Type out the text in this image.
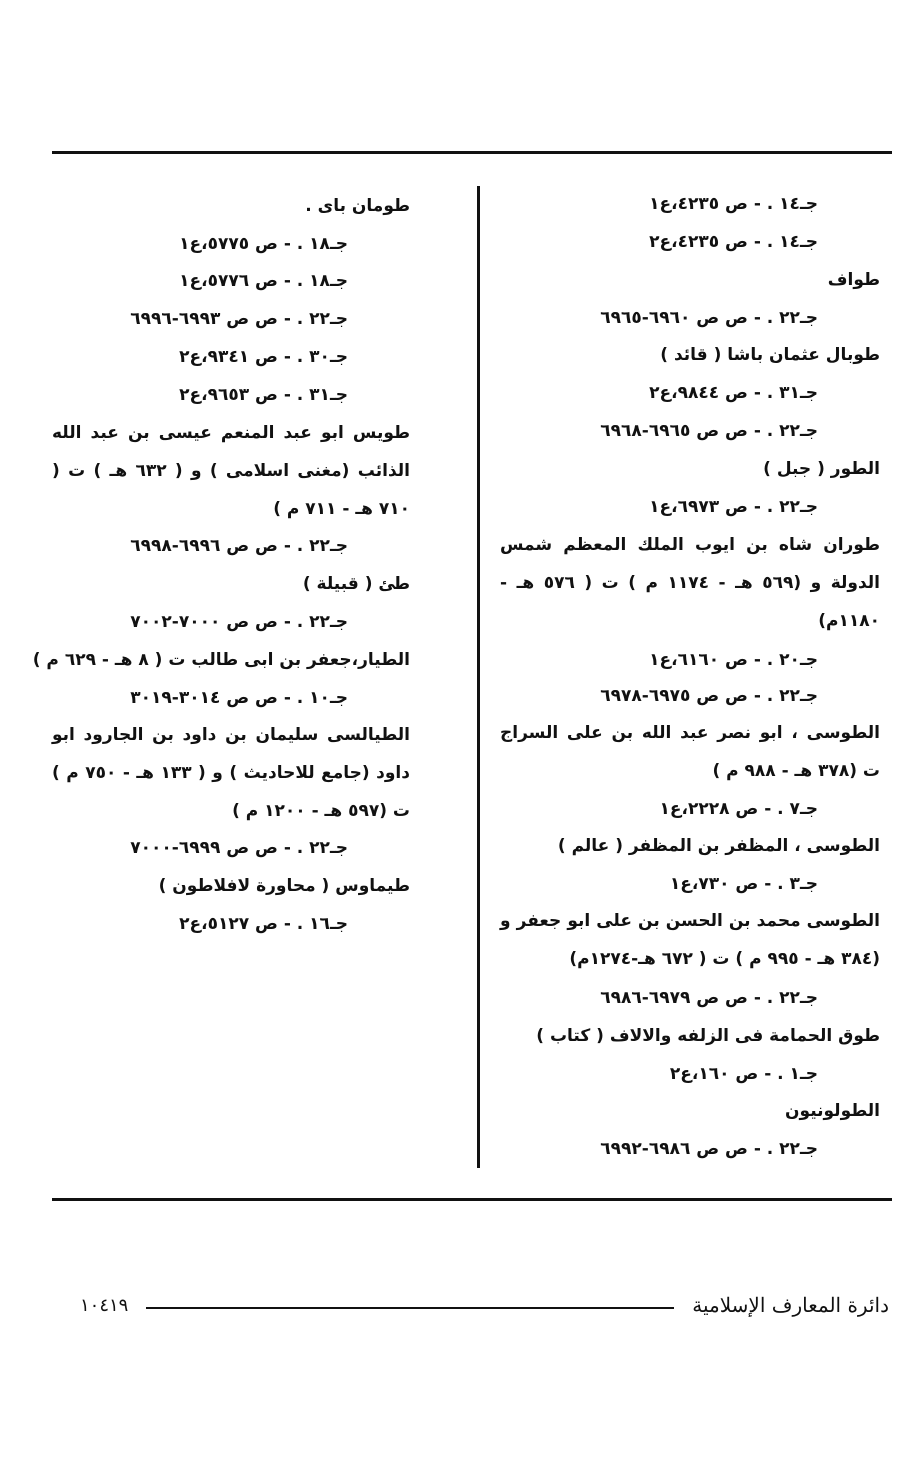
جـ١٤ . - ص ٤٢٣٥،ع١
جـ١٤ . - ص ٤٢٣٥،ع٢
طواف
جـ٢٢ . - ص ص ٦٩٦٠-٦٩٦٥
طوبال عثمان باشا ( قائد )
جـ٣١ . - ص ٩٨٤٤،ع٢
جـ٢٢ . - ص ص ٦٩٦٥-٦٩٦٨
الطور ( جبل )
جـ٢٢ . - ص ٦٩٧٣،ع١
طوران شاه بن ايوب الملك المعظم شمس الدولة و (٥٦٩ هـ - ١١٧٤ م ) ت ( ٥٧٦ هـ - ١١٨٠م)
جـ٢٠ . - ص ٦١٦٠،ع١
جـ٢٢ . - ص ص ٦٩٧٥-٦٩٧٨
الطوسى ، ابو نصر عبد الله بن على السراج ت (٣٧٨ هـ - ٩٨٨ م )
جـ٧ . - ص ٢٢٢٨،ع١
الطوسى ، المظفر بن المظفر ( عالم )
جـ٣ . - ص ٧٣٠،ع١
الطوسى محمد بن الحسن بن على ابو جعفر و (٣٨٤ هـ - ٩٩٥ م ) ت ( ٦٧٢ هـ-١٢٧٤م)
جـ٢٢ . - ص ص ٦٩٧٩-٦٩٨٦
طوق الحمامة فى الزلفه والالاف ( كتاب )
جـ١ . - ص ١٦٠،ع٢
الطولونيون
جـ٢٢ . - ص ص ٦٩٨٦-٦٩٩٢
طومان باى .
جـ١٨ . - ص ٥٧٧٥،ع١
جـ١٨ . - ص ٥٧٧٦،ع١
جـ٢٢ . - ص ص ٦٩٩٣-٦٩٩٦
جـ٣٠ . - ص ٩٣٤١،ع٢
جـ٣١ . - ص ٩٦٥٣،ع٢
طويس ابو عبد المنعم عيسى بن عبد الله الذائب (مغنى اسلامى ) و ( ٦٣٢ هـ ) ت ( ٧١٠ هـ - ٧١١ م )
جـ٢٢ . - ص ص ٦٩٩٦-٦٩٩٨
طئ ( قبيلة )
جـ٢٢ . - ص ص ٧٠٠٠-٧٠٠٢
الطيار،جعفر بن ابى طالب ت ( ٨ هـ - ٦٢٩ م )
جـ١٠ . - ص ص ٣٠١٤-٣٠١٩
الطيالسى سليمان بن داود بن الجارود ابو داود (جامع للاحاديث ) و ( ١٣٣ هـ - ٧٥٠ م ) ت (٥٩٧ هـ - ١٢٠٠ م )
جـ٢٢ . - ص ص ٦٩٩٩-٧٠٠٠
طيماوس ( محاورة لافلاطون )
جـ١٦ . - ص ٥١٢٧،ع٢
دائرة المعارف الإسلامية
١٠٤١٩
